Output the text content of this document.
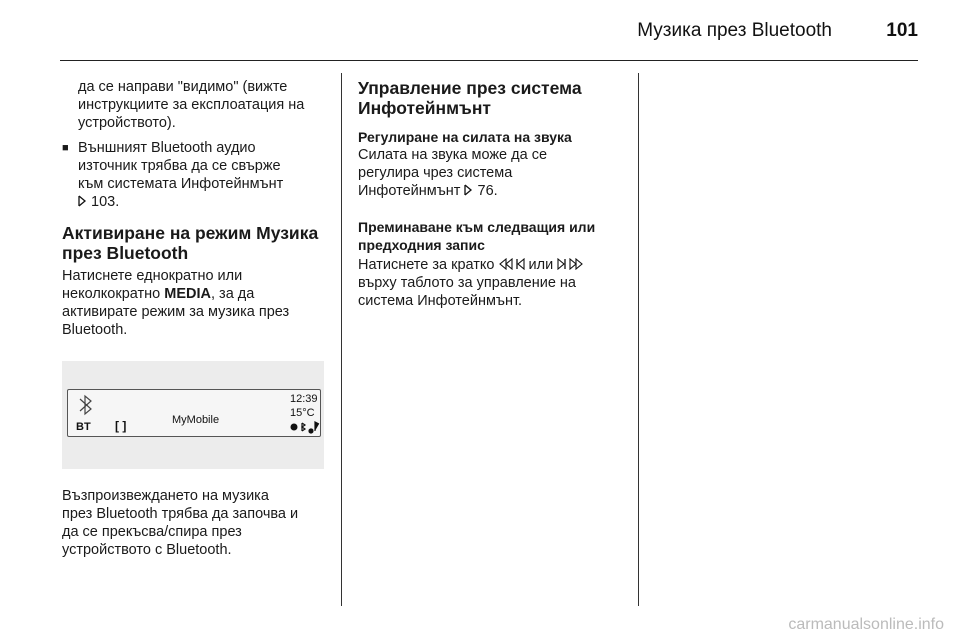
Музика през Bluetooth	101

да се направи "видимо" (вижте

инструкциите за експлоатация на

устройството).

■ Външният Bluetooth аудио

източник трябва да се свърже

към системата Инфотейнмънт

103.

Активиране на режим Музика
през Bluetooth

Натиснете еднократно или

неколкократно MEDIA, за да

активирате режим за музика през

Bluetooth.

BT [ ]	MyMobile
12:39
15°C

Възпроизвеждането на музика

през Bluetooth трябва да започва и

да се прекъсва/спира през

устройството с Bluetooth.

Управление през система
Инфотейнмънт
Регулиране на силата на звука

Силата на звука може да се

регулира чрез система

Инфотейнмънт 76.

Преминаване към следващия или
предходния запис

Натиснете за кратко или

върху таблото за управление на

система Инфотейнмънт.

carmanualsonline.info
